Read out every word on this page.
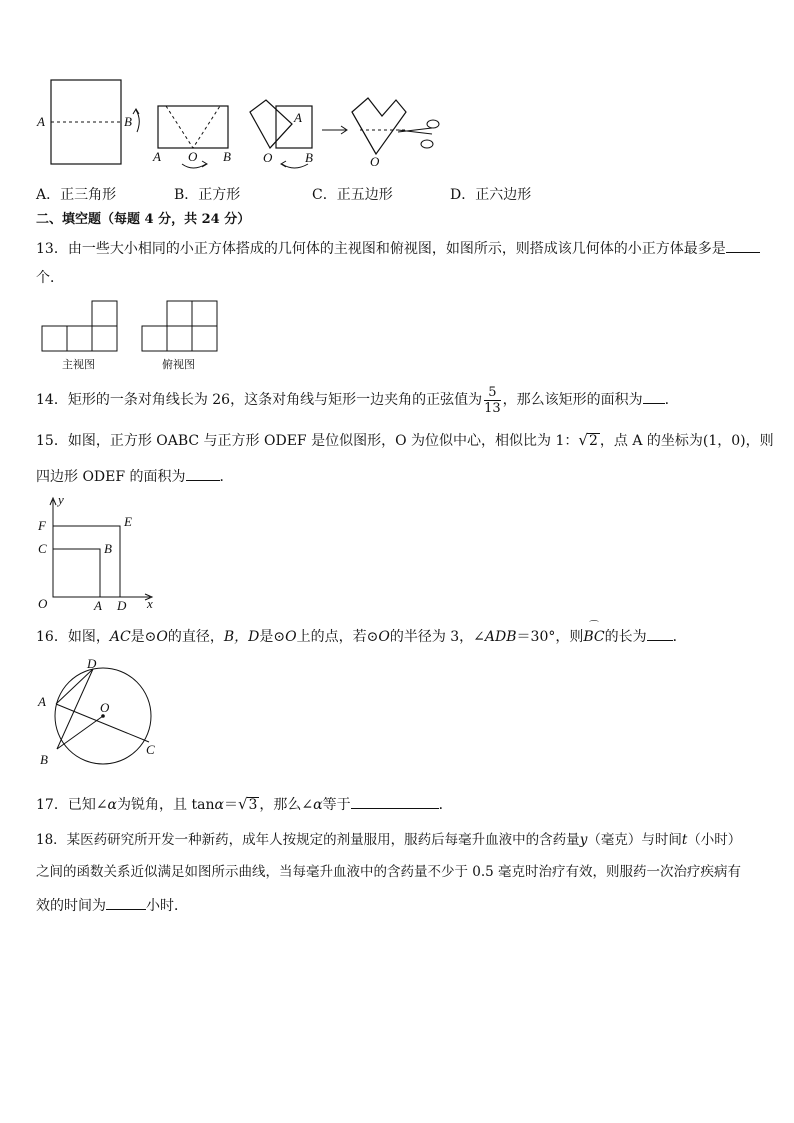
A	B
A O B
A
O	B	O
A．正三角形	B．正方形	C．正五边形	D．正六边形
二、填空题（每题 4 分，共 24 分）
13．由一些大小相同的小正方体搭成的几何体的主视图和俯视图，如图所示，则搭成该几何体的小正方体最多是
个．
主视图	俯视图
14．矩形的一条对角线长为 26，这条对角线与矩形一边夹角的正弦值为 $\frac{5}{13}$ ，那么该矩形的面积为 .
15．如图，正方形 OABC 与正方形 ODEF 是位似图形，O 为位似中心，相似比为 1：√2 ，点 A 的坐标为(1，0)，则
四边形 ODEF 的面积为 ．
y
x
F	E
C	B
O	A D
16．如图，AC是⊙O的直径，B，D是⊙O上的点，若⊙O的半径为 3，∠ADB＝30°，则
⌒
BC的长为 ．
D
A	O
B
C
17．已知∠α为锐角，且 tanα＝√3 ，那么∠α等于	．
18．某医药研究所开发一种新药，成年人按规定的剂量服用，服药后每毫升血液中的含药量y（毫克）与时间t（小时）
之间的函数关系近似满足如图所示曲线，当每毫升血液中的含药量不少于 0.5 毫克时治疗有效，则服药一次治疗疾病有
效的时间为	小时．
